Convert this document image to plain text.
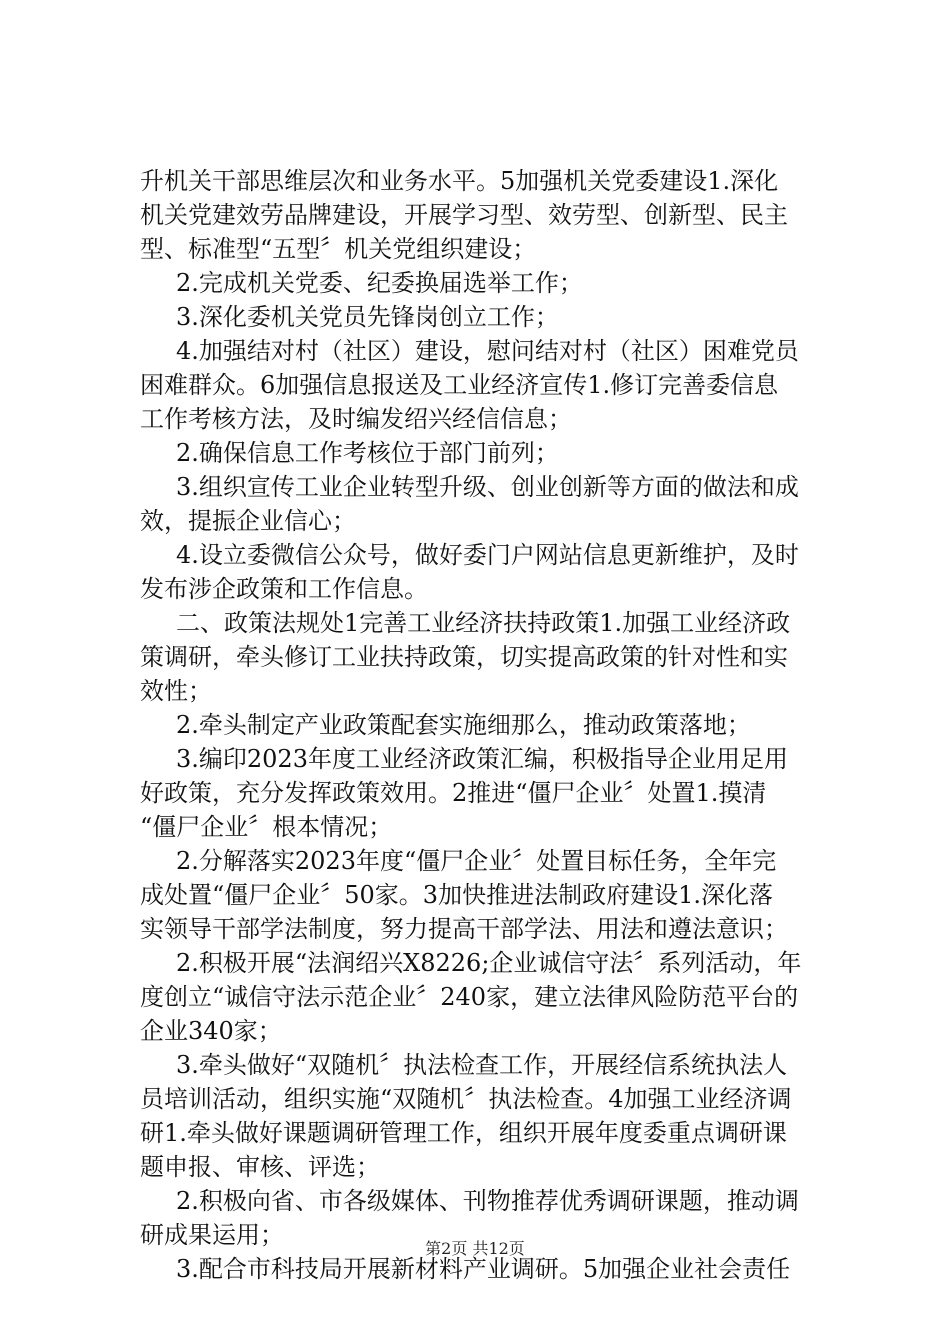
升机关干部思维层次和业务水平。5加强机关党委建设1.深化
机关党建效劳品牌建设，开展学习型、效劳型、创新型、民主
型、标准型“五型〞机关党组织建设；
2.完成机关党委、纪委换届选举工作；
3.深化委机关党员先锋岗创立工作；
4.加强结对村（社区）建设，慰问结对村（社区）困难党员
困难群众。6加强信息报送及工业经济宣传1.修订完善委信息
工作考核方法，及时编发绍兴经信信息；
2.确保信息工作考核位于部门前列；
3.组织宣传工业企业转型升级、创业创新等方面的做法和成
效，提振企业信心；
4.设立委微信公众号，做好委门户网站信息更新维护，及时
发布涉企政策和工作信息。
二、政策法规处1完善工业经济扶持政策1.加强工业经济政
策调研，牵头修订工业扶持政策，切实提高政策的针对性和实
效性；
2.牵头制定产业政策配套实施细那么，推动政策落地；
3.编印2023年度工业经济政策汇编，积极指导企业用足用
好政策，充分发挥政策效用。2推进“僵尸企业〞处置1.摸清
“僵尸企业〞根本情况；
2.分解落实2023年度“僵尸企业〞处置目标任务，全年完
成处置“僵尸企业〞50家。3加快推进法制政府建设1.深化落
实领导干部学法制度，努力提高干部学法、用法和遵法意识；
2.积极开展“法润绍兴X8226;企业诚信守法〞系列活动，年
度创立“诚信守法示范企业〞240家，建立法律风险防范平台的
企业340家；
3.牵头做好“双随机〞执法检查工作，开展经信系统执法人
员培训活动，组织实施“双随机〞执法检查。4加强工业经济调
研1.牵头做好课题调研管理工作，组织开展年度委重点调研课
题申报、审核、评选；
2.积极向省、市各级媒体、刊物推荐优秀调研课题，推动调
研成果运用；
3.配合市科技局开展新材料产业调研。5加强企业社会责任
第2页 共12页
